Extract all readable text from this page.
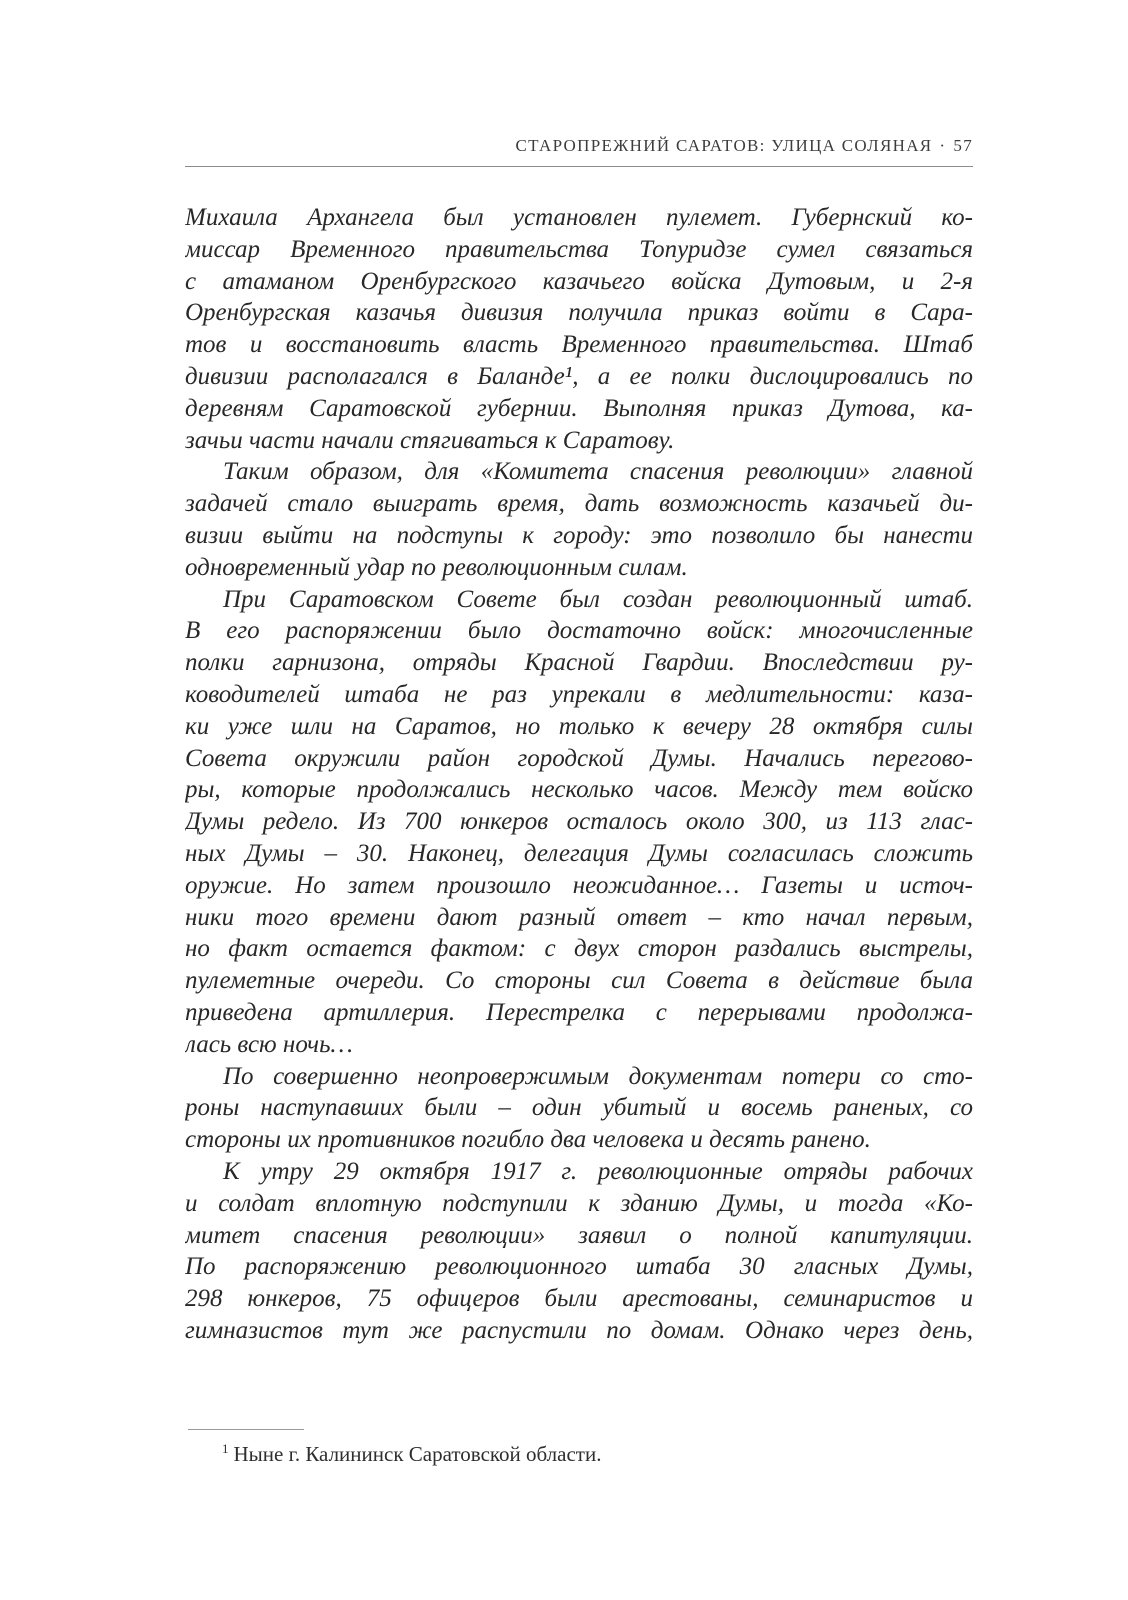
СТАРОПРЕЖНИЙ САРАТОВ: УЛИЦА СОЛЯНАЯ · 57
Михаила Архангела был установлен пулемет. Губернский ко-
миссар Временного правительства Топуридзе сумел связаться
с атаманом Оренбургского казачьего войска Дутовым, и 2-я
Оренбургская казачья дивизия получила приказ войти в Сара-
тов и восстановить власть Временного правительства. Штаб
дивизии располагался в Баланде¹, а ее полки дислоцировались по
деревням Саратовской губернии. Выполняя приказ Дутова, ка-
зачьи части начали стягиваться к Саратову.
Таким образом, для «Комитета спасения революции» главной
задачей стало выиграть время, дать возможность казачьей ди-
визии выйти на подступы к городу: это позволило бы нанести
одновременный удар по революционным силам.
При Саратовском Совете был создан революционный штаб.
В его распоряжении было достаточно войск: многочисленные
полки гарнизона, отряды Красной Гвардии. Впоследствии ру-
ководителей штаба не раз упрекали в медлительности: каза-
ки уже шли на Саратов, но только к вечеру 28 октября силы
Совета окружили район городской Думы. Начались перегово-
ры, которые продолжались несколько часов. Между тем войско
Думы редело. Из 700 юнкеров осталось около 300, из 113 глас-
ных Думы – 30. Наконец, делегация Думы согласилась сложить
оружие. Но затем произошло неожиданное… Газеты и источ-
ники того времени дают разный ответ – кто начал первым,
но факт остается фактом: с двух сторон раздались выстрелы,
пулеметные очереди. Со стороны сил Совета в действие была
приведена артиллерия. Перестрелка с перерывами продолжа-
лась всю ночь…
По совершенно неопровержимым документам потери со сто-
роны наступавших были – один убитый и восемь раненых, со
стороны их противников погибло два человека и десять ранено.
К утру 29 октября 1917 г. революционные отряды рабочих
и солдат вплотную подступили к зданию Думы, и тогда «Ко-
митет спасения революции» заявил о полной капитуляции.
По распоряжению революционного штаба 30 гласных Думы,
298 юнкеров, 75 офицеров были арестованы, семинаристов и
гимназистов тут же распустили по домам. Однако через день,
$^1$ Ныне г. Калининск Саратовской области.
